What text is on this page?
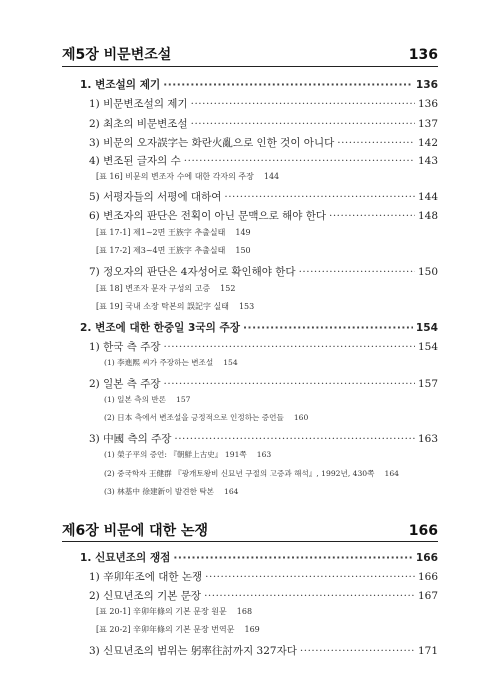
제5장 비문변조설	136
1. 변조설의 제기 ·····	136
1) 비문변조설의 제기 ·····	136
2) 최초의 비문변조설 ·····	137
3) 비문의 오자誤字는 화란火亂으로 인한 것이 아니다 ·····	142
4) 변조된 글자의 수 ·····	143
[표 16] 비문의 변조자 수에 대한 각자의 주장 144
5) 서평자들의 서평에 대하여 ·····	144
6) 변조자의 판단은 전획이 아닌 문맥으로 해야 한다 ·····	148
[표 17-1] 제1~2면 王族字 추출실태 149
[표 17-2] 제3~4면 王族字 추출실태 150
7) 정오자의 판단은 4자성어로 확인해야 한다 ·····	150
[표 18] 변조자 문자 구성의 고증 152
[표 19] 국내 소장 탁본의 誤記字 실태 153
2. 변조에 대한 한중일 3국의 주장 ·····	154
1) 한국 측 주장 ·····	154
(1) 李進熙 씨가 주장하는 변조설 154
2) 일본 측 주장 ·····	157
(1) 일본 측의 반론 157
(2) 日本 측에서 변조설을 긍정적으로 인정하는 증언들 160
3) 中國 측의 주장 ·····	163
(1) 榮子平의 증언: 『朝鮮上古史』 191쪽 163
(2) 중국학자 王健群 『광개토왕비 신묘년 구절의 고증과 해석』, 1992년, 430쪽 164
(3) 林基中 徐建新이 발견한 탁본 164
제6장 비문에 대한 논쟁	166
1. 신묘년조의 쟁점 ·····	166
1) 辛卯年조에 대한 논쟁 ·····	166
2) 신묘년조의 기본 문장 ·····	167
[표 20-1] 辛卯年條의 기본 문장 원문 168
[표 20-2] 辛卯年條의 기본 문장 번역문 169
3) 신묘년조의 범위는 躬率往討까지 327자다 ·····	171
